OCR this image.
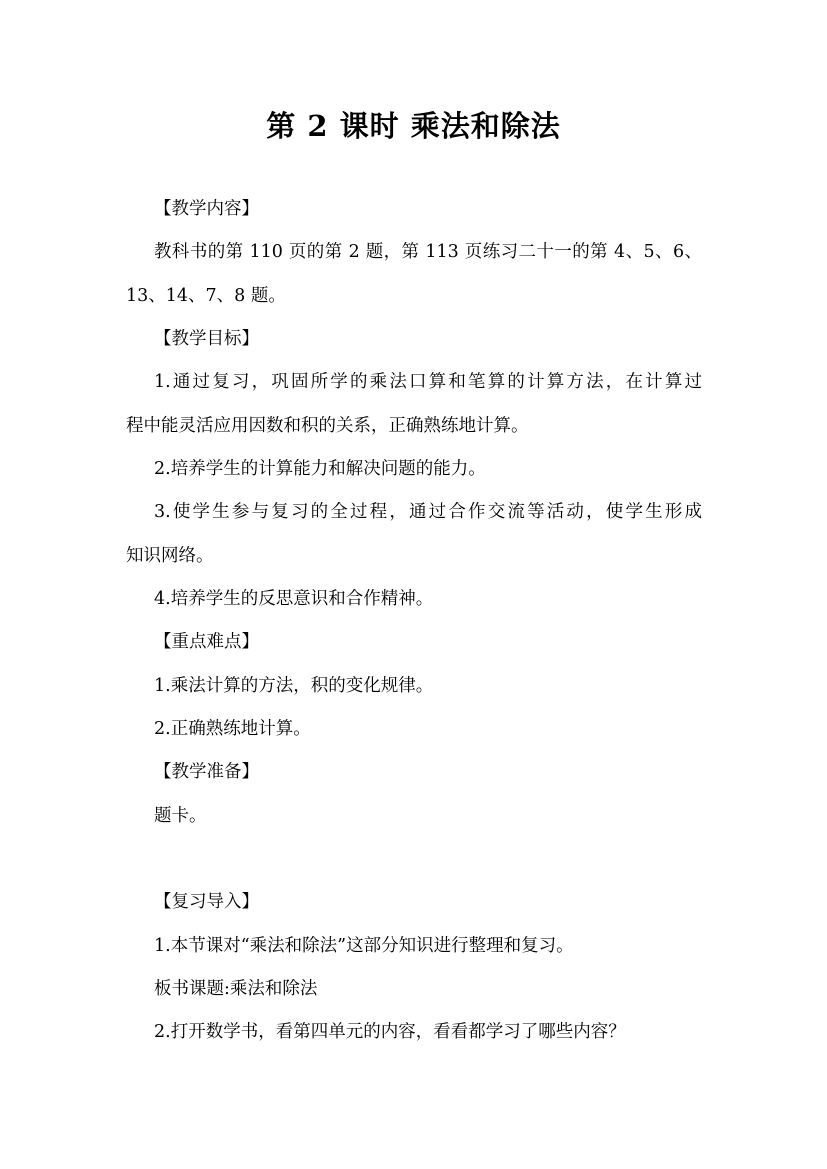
第 2 课时 乘法和除法
【教学内容】
教科书的第 110 页的第 2 题，第 113 页练习二十一的第 4、5、6、
13、14、7、8 题。
【教学目标】
1.通过复习，巩固所学的乘法口算和笔算的计算方法，在计算过
程中能灵活应用因数和积的关系，正确熟练地计算。
2.培养学生的计算能力和解决问题的能力。
3.使学生参与复习的全过程，通过合作交流等活动，使学生形成
知识网络。
4.培养学生的反思意识和合作精神。
【重点难点】
1.乘法计算的方法，积的变化规律。
2.正确熟练地计算。
【教学准备】
题卡。
【复习导入】
1.本节课对“乘法和除法”这部分知识进行整理和复习。
板书课题:乘法和除法
2.打开数学书，看第四单元的内容，看看都学习了哪些内容？
